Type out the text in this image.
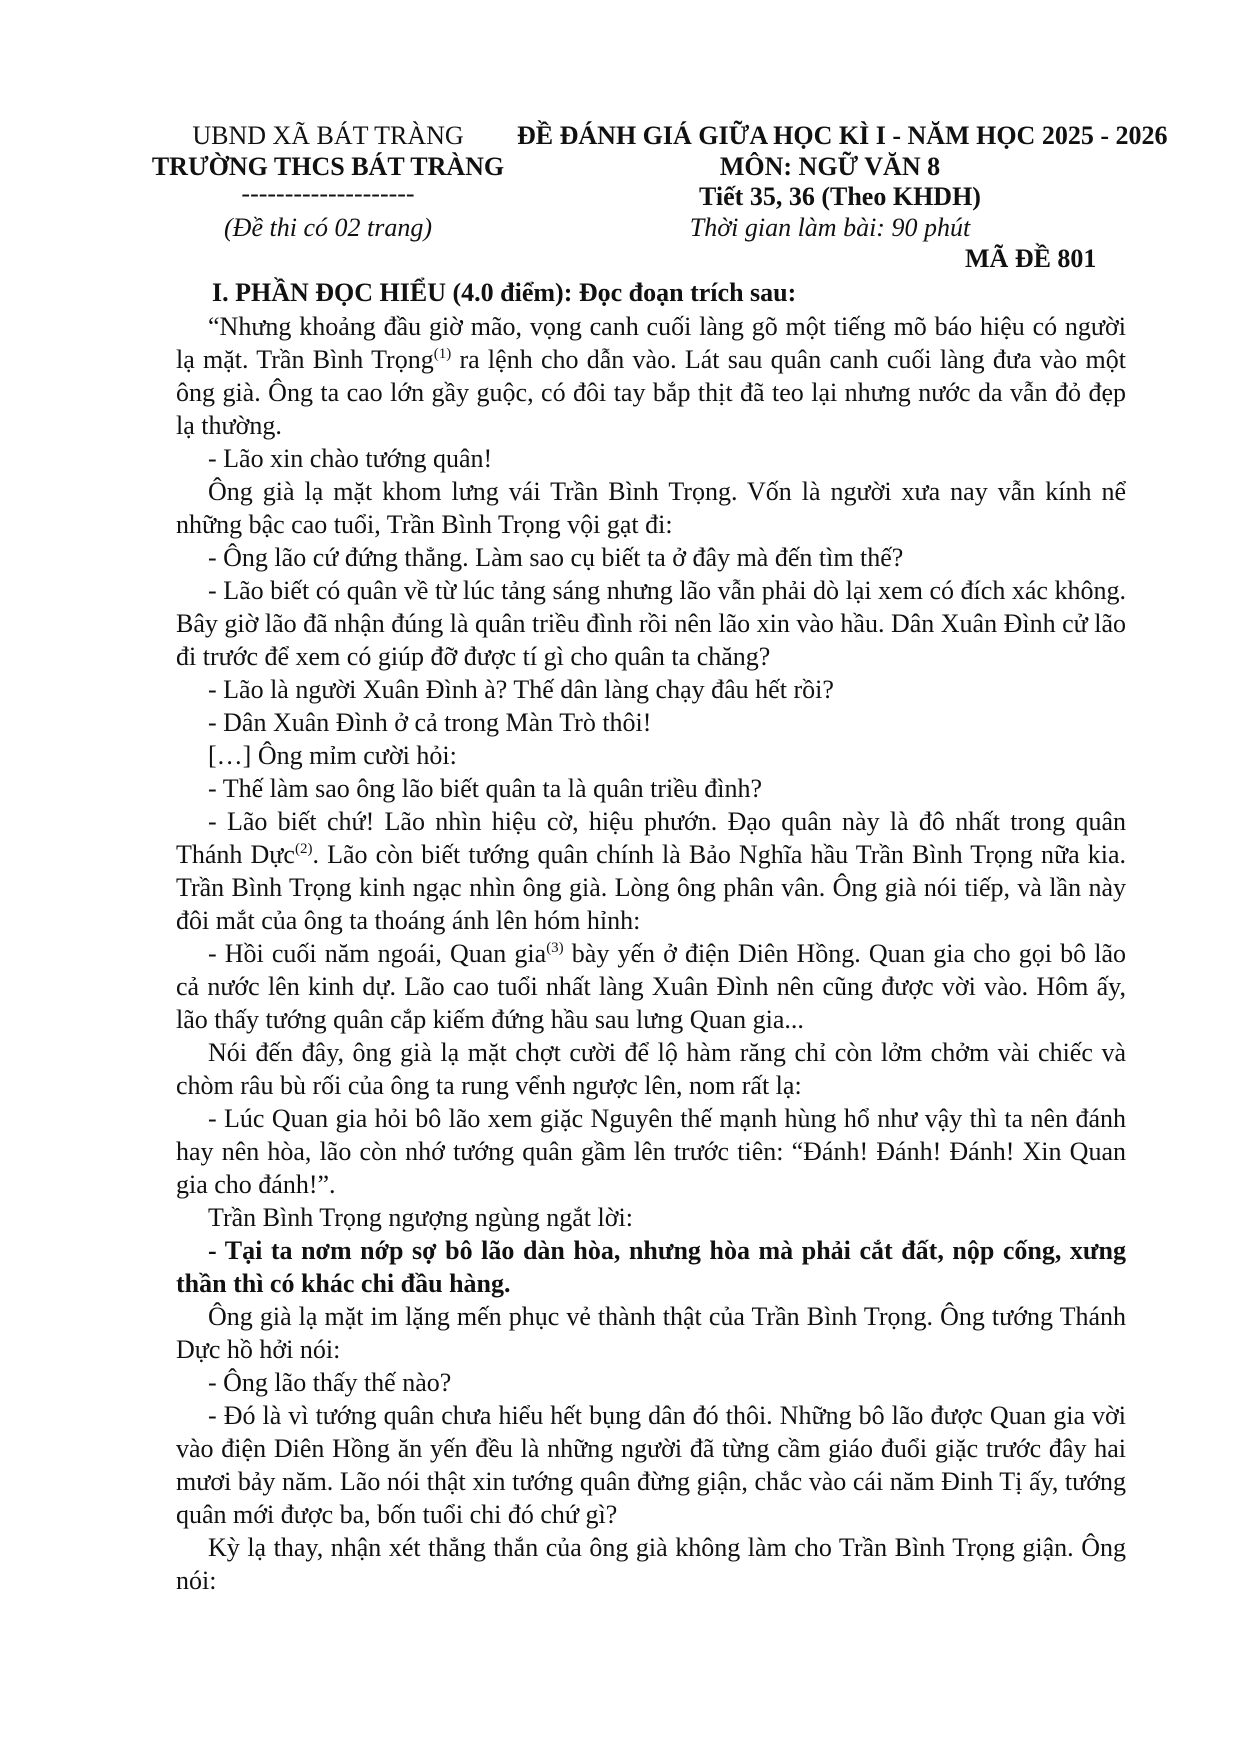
UBND XÃ BÁT TRÀNG
TRƯỜNG THCS BÁT TRÀNG
--------------------
(Đề thi có 02 trang)
ĐỀ ĐÁNH GIÁ GIỮA HỌC KÌ I - NĂM HỌC 2025 - 2026
MÔN: NGỮ VĂN 8
Tiết 35, 36 (Theo KHDH)
Thời gian làm bài: 90 phút
MÃ ĐỀ 801
I. PHẦN ĐỌC HIỂU (4.0 điểm): Đọc đoạn trích sau:

“Nhưng khoảng đầu giờ mão, vọng canh cuối làng gõ một tiếng mõ báo hiệu có người lạ mặt. Trần Bình Trọng$^{(1)}$ ra lệnh cho dẫn vào. Lát sau quân canh cuối làng đưa vào một ông già. Ông ta cao lớn gầy guộc, có đôi tay bắp thịt đã teo lại nhưng nước da vẫn đỏ đẹp lạ thường.

- Lão xin chào tướng quân!

Ông già lạ mặt khom lưng vái Trần Bình Trọng. Vốn là người xưa nay vẫn kính nể những bậc cao tuổi, Trần Bình Trọng vội gạt đi:

- Ông lão cứ đứng thẳng. Làm sao cụ biết ta ở đây mà đến tìm thế?

- Lão biết có quân về từ lúc tảng sáng nhưng lão vẫn phải dò lại xem có đích xác không. Bây giờ lão đã nhận đúng là quân triều đình rồi nên lão xin vào hầu. Dân Xuân Đình cử lão đi trước để xem có giúp đỡ được tí gì cho quân ta chăng?

- Lão là người Xuân Đình à? Thế dân làng chạy đâu hết rồi?

- Dân Xuân Đình ở cả trong Màn Trò thôi!

[…] Ông mỉm cười hỏi:

- Thế làm sao ông lão biết quân ta là quân triều đình?

- Lão biết chứ! Lão nhìn hiệu cờ, hiệu phướn. Đạo quân này là đô nhất trong quân Thánh Dực$^{(2)}$. Lão còn biết tướng quân chính là Bảo Nghĩa hầu Trần Bình Trọng nữa kia. Trần Bình Trọng kinh ngạc nhìn ông già. Lòng ông phân vân. Ông già nói tiếp, và lần này đôi mắt của ông ta thoáng ánh lên hóm hỉnh:

- Hồi cuối năm ngoái, Quan gia$^{(3)}$ bày yến ở điện Diên Hồng. Quan gia cho gọi bô lão cả nước lên kinh dự. Lão cao tuổi nhất làng Xuân Đình nên cũng được vời vào. Hôm ấy, lão thấy tướng quân cắp kiếm đứng hầu sau lưng Quan gia...

Nói đến đây, ông già lạ mặt chợt cười để lộ hàm răng chỉ còn lởm chởm vài chiếc và chòm râu bù rối của ông ta rung vểnh ngược lên, nom rất lạ:

- Lúc Quan gia hỏi bô lão xem giặc Nguyên thế mạnh hùng hổ như vậy thì ta nên đánh hay nên hòa, lão còn nhớ tướng quân gầm lên trước tiên: “Đánh! Đánh! Đánh! Xin Quan gia cho đánh!”.

Trần Bình Trọng ngượng ngùng ngắt lời:

- Tại ta nơm nớp sợ bô lão dàn hòa, nhưng hòa mà phải cắt đất, nộp cống, xưng thần thì có khác chi đầu hàng.

Ông già lạ mặt im lặng mến phục vẻ thành thật của Trần Bình Trọng. Ông tướng Thánh Dực hồ hởi nói:

- Ông lão thấy thế nào?

- Đó là vì tướng quân chưa hiểu hết bụng dân đó thôi. Những bô lão được Quan gia vời vào điện Diên Hồng ăn yến đều là những người đã từng cầm giáo đuổi giặc trước đây hai mươi bảy năm. Lão nói thật xin tướng quân đừng giận, chắc vào cái năm Đinh Tị ấy, tướng quân mới được ba, bốn tuổi chi đó chứ gì?

Kỳ lạ thay, nhận xét thẳng thắn của ông già không làm cho Trần Bình Trọng giận. Ông nói:
